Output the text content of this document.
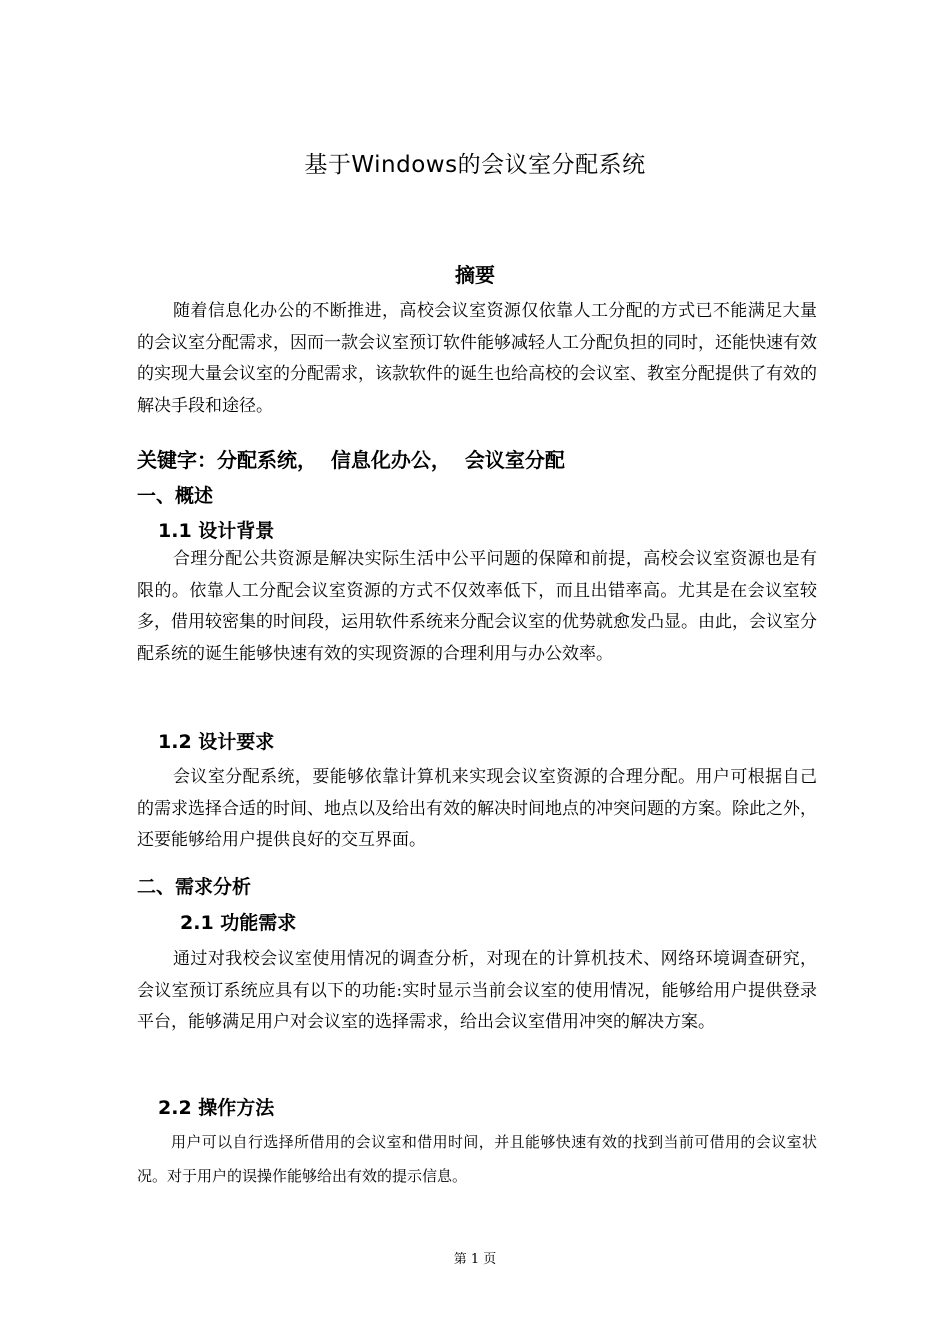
基于Windows的会议室分配系统
摘要

随着信息化办公的不断推进，高校会议室资源仅依靠人工分配的方式已不能满足大量的会议室分配需求，因而一款会议室预订软件能够减轻人工分配负担的同时，还能快速有效的实现大量会议室的分配需求，该款软件的诞生也给高校的会议室、教室分配提供了有效的解决手段和途径。

关键字：分配系统，  信息化办公，  会议室分配
一、概述
1.1 设计背景

合理分配公共资源是解决实际生活中公平问题的保障和前提，高校会议室资源也是有限的。依靠人工分配会议室资源的方式不仅效率低下，而且出错率高。尤其是在会议室较多，借用较密集的时间段，运用软件系统来分配会议室的优势就愈发凸显。由此，会议室分配系统的诞生能够快速有效的实现资源的合理利用与办公效率。

1.2 设计要求

会议室分配系统，要能够依靠计算机来实现会议室资源的合理分配。用户可根据自己的需求选择合适的时间、地点以及给出有效的解决时间地点的冲突问题的方案。除此之外，还要能够给用户提供良好的交互界面。

二、需求分析
2.1 功能需求

通过对我校会议室使用情况的调查分析，对现在的计算机技术、网络环境调查研究，会议室预订系统应具有以下的功能:实时显示当前会议室的使用情况，能够给用户提供登录平台，能够满足用户对会议室的选择需求，给出会议室借用冲突的解决方案。

2.2 操作方法

用户可以自行选择所借用的会议室和借用时间，并且能够快速有效的找到当前可借用的会议室状况。对于用户的误操作能够给出有效的提示信息。

第 1 页
